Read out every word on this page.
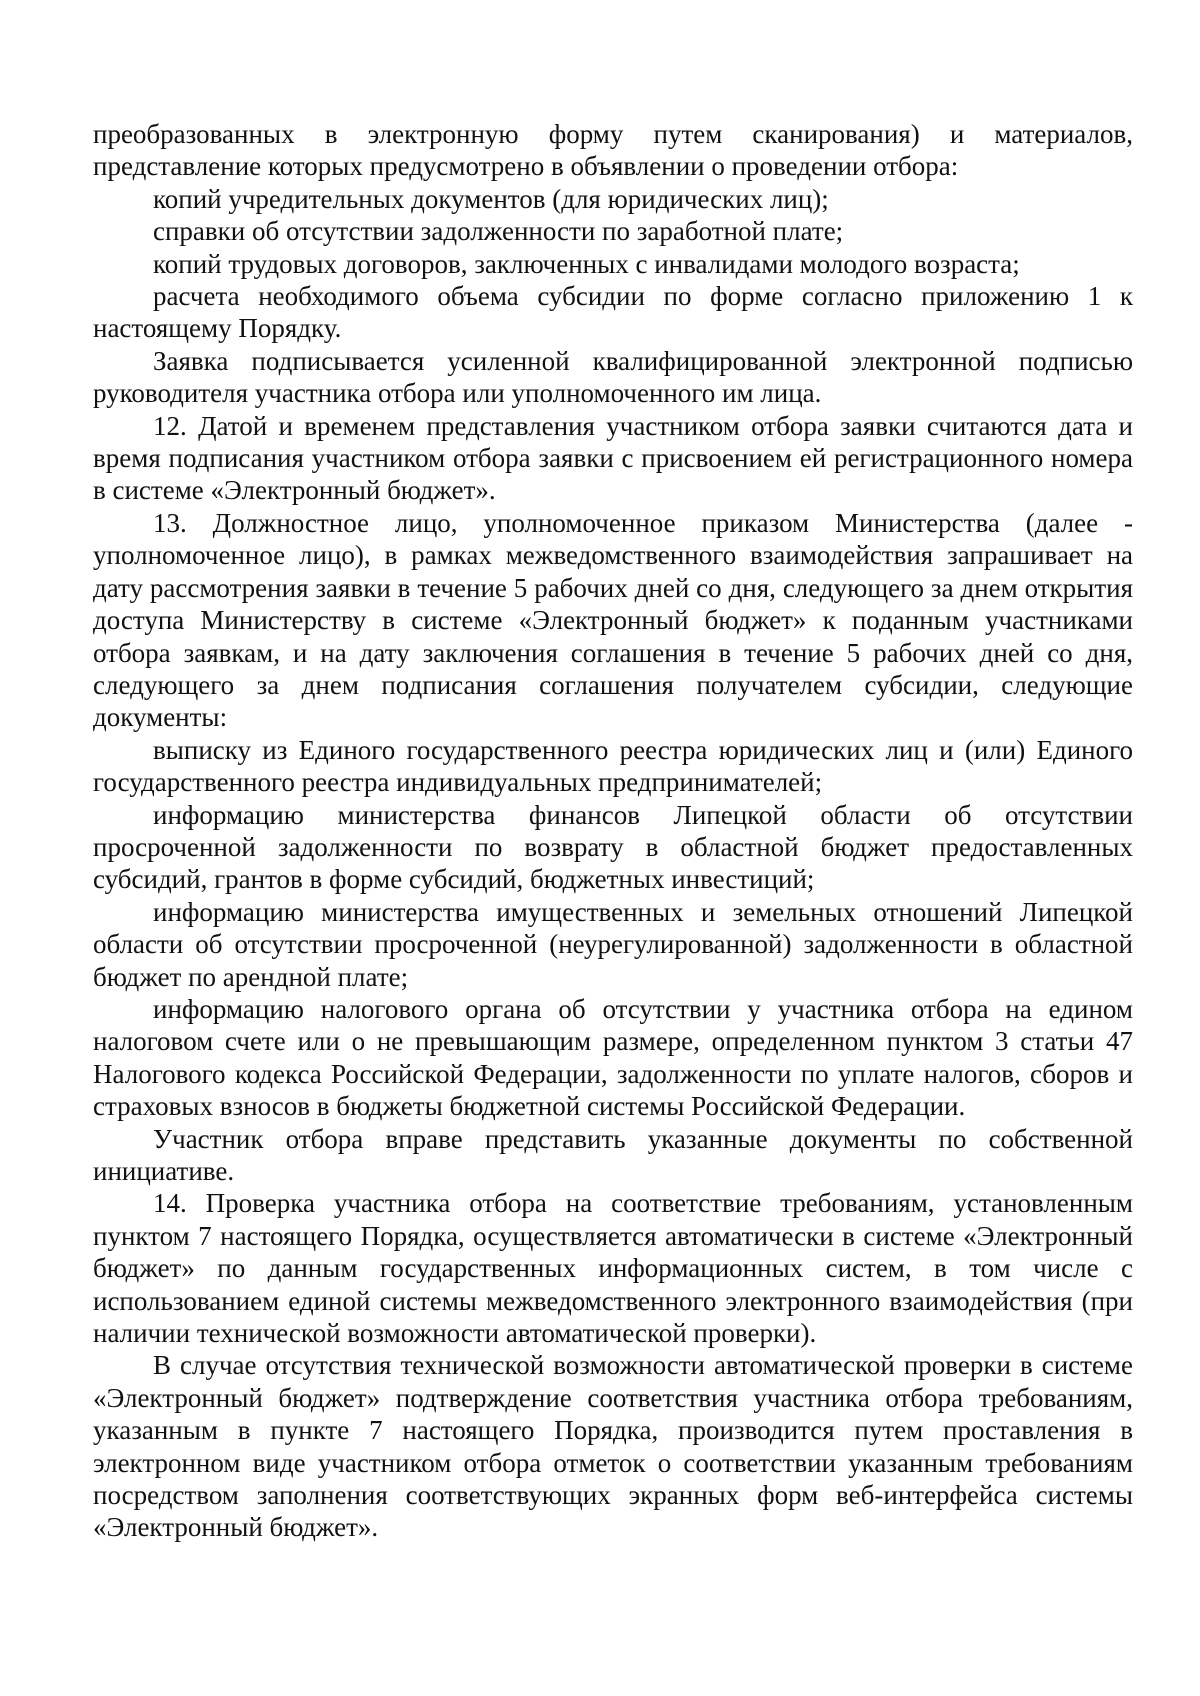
преобразованных в электронную форму путем сканирования) и материалов, представление которых предусмотрено в объявлении о проведении отбора:

копий учредительных документов (для юридических лиц);

справки об отсутствии задолженности по заработной плате;

копий трудовых договоров, заключенных с инвалидами молодого возраста;

расчета необходимого объема субсидии по форме согласно приложению 1 к настоящему Порядку.

Заявка подписывается усиленной квалифицированной электронной подписью руководителя участника отбора или уполномоченного им лица.

12. Датой и временем представления участником отбора заявки считаются дата и время подписания участником отбора заявки с присвоением ей регистрационного номера в системе «Электронный бюджет».

13. Должностное лицо, уполномоченное приказом Министерства (далее - уполномоченное лицо), в рамках межведомственного взаимодействия запрашивает на дату рассмотрения заявки в течение 5 рабочих дней со дня, следующего за днем открытия доступа Министерству в системе «Электронный бюджет» к поданным участниками отбора заявкам, и на дату заключения соглашения в течение 5 рабочих дней со дня, следующего за днем подписания соглашения получателем субсидии, следующие документы:

выписку из Единого государственного реестра юридических лиц и (или) Единого государственного реестра индивидуальных предпринимателей;

информацию министерства финансов Липецкой области об отсутствии просроченной задолженности по возврату в областной бюджет предоставленных субсидий, грантов в форме субсидий, бюджетных инвестиций;

информацию министерства имущественных и земельных отношений Липецкой области об отсутствии просроченной (неурегулированной) задолженности в областной бюджет по арендной плате;

информацию налогового органа об отсутствии у участника отбора на едином налоговом счете или о не превышающим размере, определенном пунктом 3 статьи 47 Налогового кодекса Российской Федерации, задолженности по уплате налогов, сборов и страховых взносов в бюджеты бюджетной системы Российской Федерации.

Участник отбора вправе представить указанные документы по собственной инициативе.

14. Проверка участника отбора на соответствие требованиям, установленным пунктом 7 настоящего Порядка, осуществляется автоматически в системе «Электронный бюджет» по данным государственных информационных систем, в том числе с использованием единой системы межведомственного электронного взаимодействия (при наличии технической возможности автоматической проверки).

В случае отсутствия технической возможности автоматической проверки в системе «Электронный бюджет» подтверждение соответствия участника отбора требованиям, указанным в пункте 7 настоящего Порядка, производится путем проставления в электронном виде участником отбора отметок о соответствии указанным требованиям посредством заполнения соответствующих экранных форм веб-интерфейса системы «Электронный бюджет».
